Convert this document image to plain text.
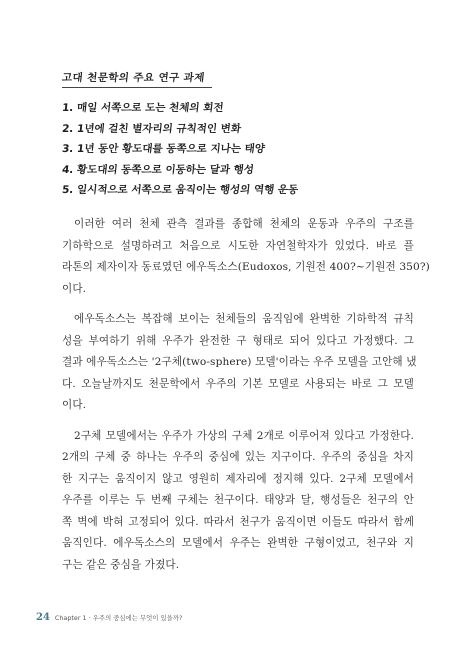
고대 천문학의 주요 연구 과제
1. 매일 서쪽으로 도는 천체의 회전
2. 1년에 걸친 별자리의 규칙적인 변화
3. 1년 동안 황도대를 동쪽으로 지나는 태양
4. 황도대의 동쪽으로 이동하는 달과 행성
5. 일시적으로 서쪽으로 움직이는 행성의 역행 운동
이러한 여러 천체 관측 결과를 종합해 천체의 운동과 우주의 구조를
기하학으로 설명하려고 처음으로 시도한 자연철학자가 있었다. 바로 플
라톤의 제자이자 동료였던 에우독소스(Eudoxos, 기원전 400?~기원전 350?)
이다.
에우독소스는 복잡해 보이는 천체들의 움직임에 완벽한 기하학적 규칙
성을 부여하기 위해 우주가 완전한 구 형태로 되어 있다고 가정했다. 그
결과 에우독소스는 '2구체(two-sphere) 모델'이라는 우주 모델을 고안해 냈
다. 오늘날까지도 천문학에서 우주의 기본 모델로 사용되는 바로 그 모델
이다.
2구체 모델에서는 우주가 가상의 구체 2개로 이루어져 있다고 가정한다.
2개의 구체 중 하나는 우주의 중심에 있는 지구이다. 우주의 중심을 차지
한 지구는 움직이지 않고 영원히 제자리에 정지해 있다. 2구체 모델에서
우주를 이루는 두 번째 구체는 천구이다. 태양과 달, 행성들은 천구의 안
쪽 벽에 박혀 고정되어 있다. 따라서 천구가 움직이면 이들도 따라서 함께
움직인다. 에우독소스의 모델에서 우주는 완벽한 구형이었고, 천구와 지
구는 같은 중심을 가졌다.
24 Chapter 1 · 우주의 중심에는 무엇이 있을까?
